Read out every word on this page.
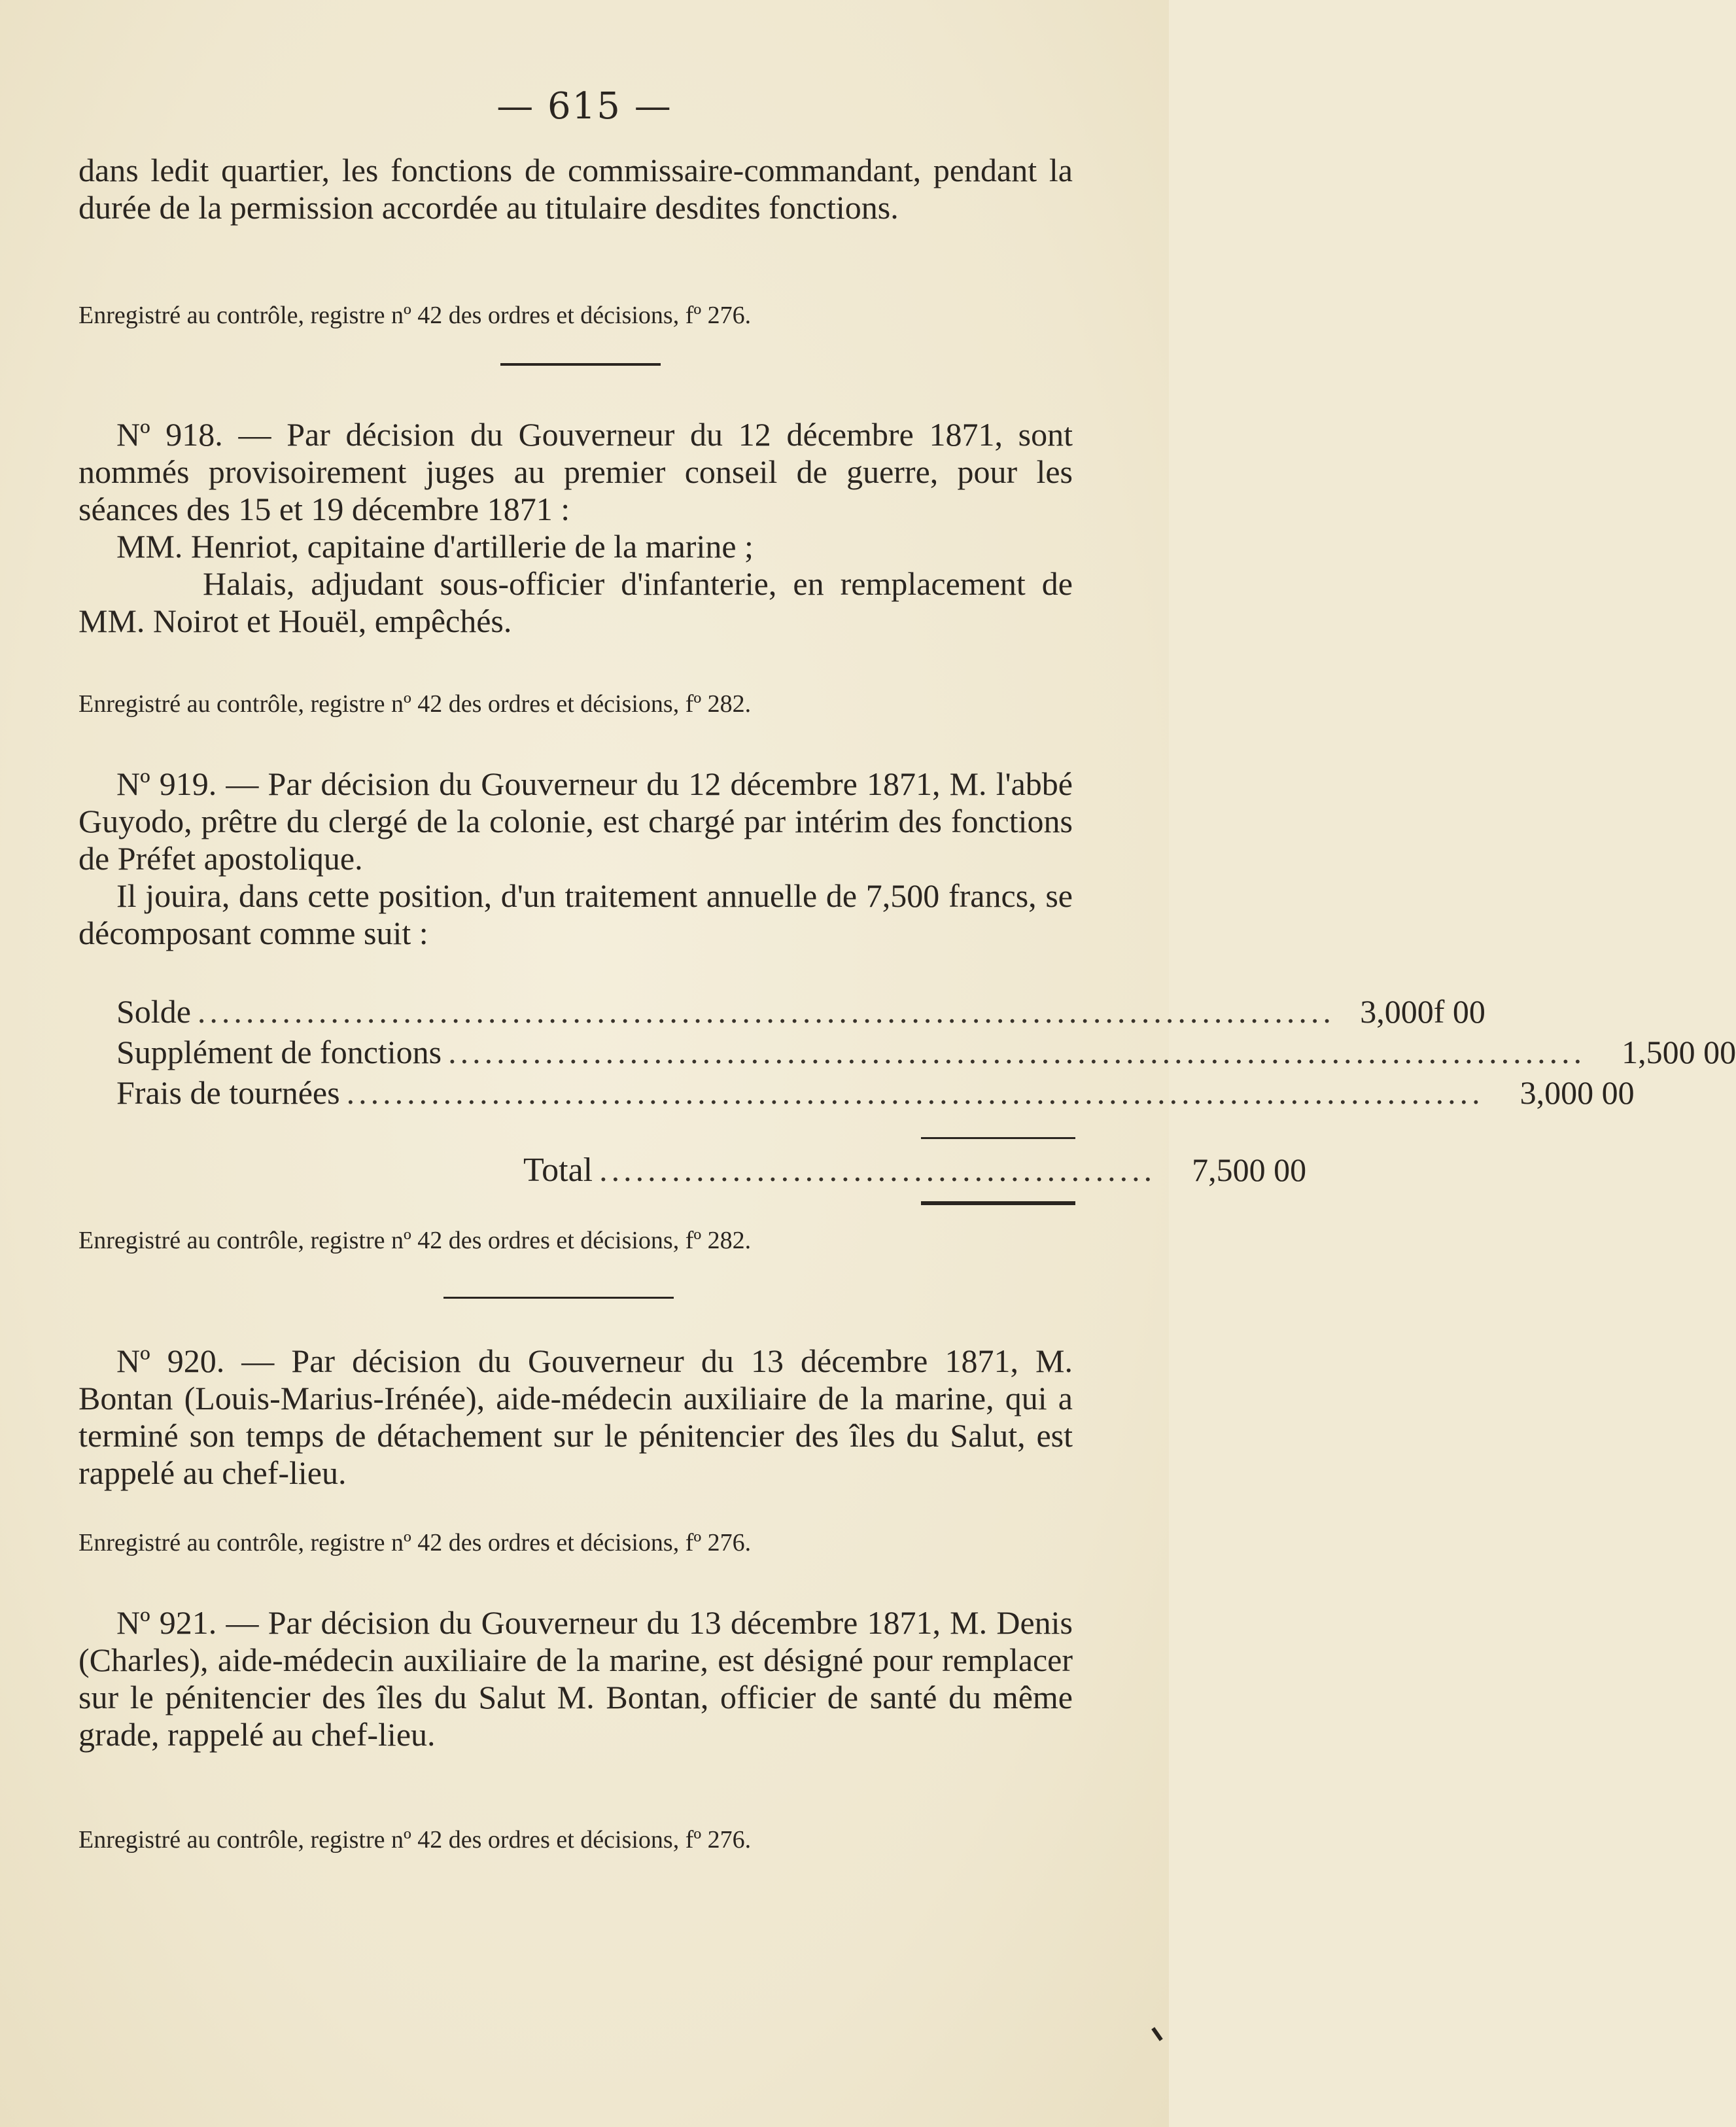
— 615 —

dans ledit quartier, les fonctions de commissaire-commandant, pendant la durée de la permission accordée au titulaire desdites fonctions.

Enregistré au contrôle, registre nº 42 des ordres et décisions, fº 276.

Nº 918. — Par décision du Gouverneur du 12 décembre 1871, sont nommés provisoirement juges au premier conseil de guerre, pour les séances des 15 et 19 décembre 1871 :

MM. Henriot, capitaine d'artillerie de la marine ;

Halais, adjudant sous-officier d'infanterie, en remplacement de MM. Noirot et Houël, empêchés.

Enregistré au contrôle, registre nº 42 des ordres et décisions, fº 282.

Nº 919. — Par décision du Gouverneur du 12 décembre 1871, M. l'abbé Guyodo, prêtre du clergé de la colonie, est chargé par intérim des fonctions de Préfet apostolique.

Il jouira, dans cette position, d'un traitement annuelle de 7,500 francs, se décomposant comme suit :

Solde .............................................................................................. 3,000f 00
Supplément de fonctions ..............................................................................................	1,500 00
Frais de tournées ..............................................................................................	3,000 00
Total ..............................................	7,500 00
Enregistré au contrôle, registre nº 42 des ordres et décisions, fº 282.

Nº 920. — Par décision du Gouverneur du 13 décembre 1871, M. Bontan (Louis-Marius-Irénée), aide-médecin auxiliaire de la marine, qui a terminé son temps de détachement sur le pénitencier des îles du Salut, est rappelé au chef-lieu.

Enregistré au contrôle, registre nº 42 des ordres et décisions, fº 276.

Nº 921. — Par décision du Gouverneur du 13 décembre 1871, M. Denis (Charles), aide-médecin auxiliaire de la marine, est désigné pour remplacer sur le pénitencier des îles du Salut M. Bontan, officier de santé du même grade, rappelé au chef-lieu.

Enregistré au contrôle, registre nº 42 des ordres et décisions, fº 276.
